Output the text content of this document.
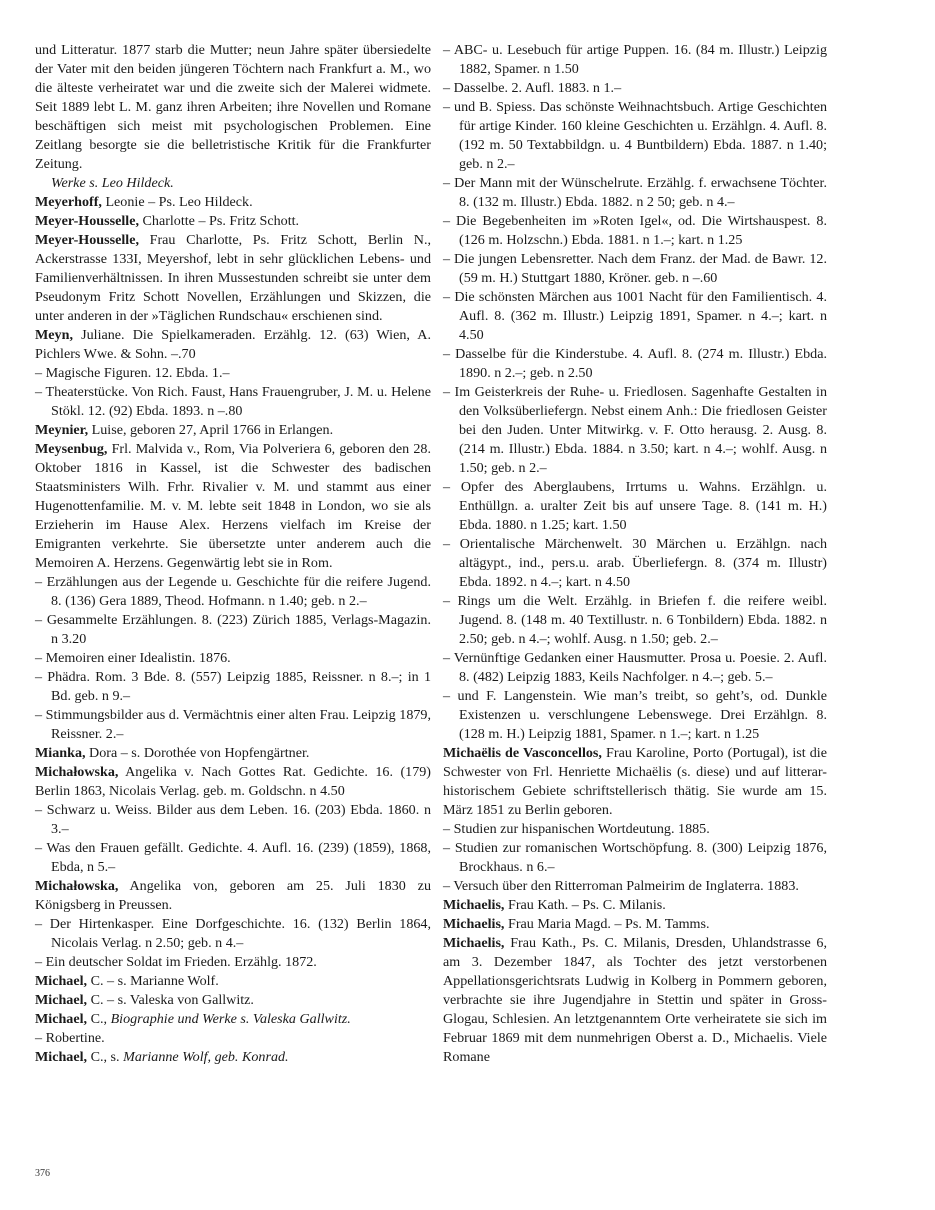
und Litteratur. 1877 starb die Mutter; neun Jahre später übersiedelte der Vater mit den beiden jüngeren Töchtern nach Frankfurt a. M., wo die älteste verheiratet war und die zweite sich der Malerei widmete. Seit 1889 lebt L. M. ganz ihren Arbeiten; ihre Novellen und Romane beschäftigen sich meist mit psychologischen Problemen. Eine Zeitlang besorgte sie die belletristische Kritik für die Frankfurter Zeitung.

Werke s. Leo Hildeck.

Meyerhoff, Leonie – Ps. Leo Hildeck.

Meyer-Housselle, Charlotte – Ps. Fritz Schott.

Meyer-Housselle, Frau Charlotte, Ps. Fritz Schott, Berlin N., Ackerstrasse 133I, Meyershof, lebt in sehr glücklichen Lebens- und Familienverhältnissen. In ihren Mussestunden schreibt sie unter dem Pseudonym Fritz Schott Novellen, Erzählungen und Skizzen, die unter anderen in der »Täglichen Rundschau« erschienen sind.

Meyn, Juliane. Die Spielkameraden. Erzählg. 12. (63) Wien, A. Pichlers Wwe. & Sohn. –.70

– Magische Figuren. 12. Ebda. 1.–

– Theaterstücke. Von Rich. Faust, Hans Frauengruber, J. M. u. Helene Stökl. 12. (92) Ebda. 1893. n –.80

Meynier, Luise, geboren 27, April 1766 in Erlangen.

Meysenbug, Frl. Malvida v., Rom, Via Polveriera 6, geboren den 28. Oktober 1816 in Kassel, ist die Schwester des badischen Staatsministers Wilh. Frhr. Rivalier v. M. und stammt aus einer Hugenottenfamilie. M. v. M. lebte seit 1848 in London, wo sie als Erzieherin im Hause Alex. Herzens vielfach im Kreise der Emigranten verkehrte. Sie übersetzte unter anderem auch die Memoiren A. Herzens. Gegenwärtig lebt sie in Rom.

– Erzählungen aus der Legende u. Geschichte für die reifere Jugend. 8. (136) Gera 1889, Theod. Hofmann. n 1.40; geb. n 2.–

– Gesammelte Erzählungen. 8. (223) Zürich 1885, Verlags-Magazin. n 3.20

– Memoiren einer Idealistin. 1876.

– Phädra. Rom. 3 Bde. 8. (557) Leipzig 1885, Reissner. n 8.–; in 1 Bd. geb. n 9.–

– Stimmungsbilder aus d. Vermächtnis einer alten Frau. Leipzig 1879, Reissner. 2.–

Mianka, Dora – s. Dorothée von Hopfengärtner.

Michałowska, Angelika v. Nach Gottes Rat. Gedichte. 16. (179) Berlin 1863, Nicolais Verlag. geb. m. Goldschn. n 4.50

– Schwarz u. Weiss. Bilder aus dem Leben. 16. (203) Ebda. 1860. n 3.–

– Was den Frauen gefällt. Gedichte. 4. Aufl. 16. (239) (1859), 1868, Ebda, n 5.–

Michałowska, Angelika von, geboren am 25. Juli 1830 zu Königsberg in Preussen.

– Der Hirtenkasper. Eine Dorfgeschichte. 16. (132) Berlin 1864, Nicolais Verlag. n 2.50; geb. n 4.–

– Ein deutscher Soldat im Frieden. Erzählg. 1872.

Michael, C. – s. Marianne Wolf.

Michael, C. – s. Valeska von Gallwitz.

Michael, C., Biographie und Werke s. Valeska Gallwitz.

– Robertine.

Michael, C., s. Marianne Wolf, geb. Konrad.

– ABC- u. Lesebuch für artige Puppen. 16. (84 m. Illustr.) Leipzig 1882, Spamer. n 1.50

– Dasselbe. 2. Aufl. 1883. n 1.–

– und B. Spiess. Das schönste Weihnachtsbuch. Artige Geschichten für artige Kinder. 160 kleine Geschichten u. Erzählgn. 4. Aufl. 8. (192 m. 50 Textabbildgn. u. 4 Buntbildern) Ebda. 1887. n 1.40; geb. n 2.–

– Der Mann mit der Wünschelrute. Erzählg. f. erwachsene Töchter. 8. (132 m. Illustr.) Ebda. 1882. n 2 50; geb. n 4.–

– Die Begebenheiten im »Roten Igel«, od. Die Wirtshauspest. 8. (126 m. Holzschn.) Ebda. 1881. n 1.–; kart. n 1.25

– Die jungen Lebensretter. Nach dem Franz. der Mad. de Bawr. 12. (59 m. H.) Stuttgart 1880, Kröner. geb. n –.60

– Die schönsten Märchen aus 1001 Nacht für den Familientisch. 4. Aufl. 8. (362 m. Illustr.) Leipzig 1891, Spamer. n 4.–; kart. n 4.50

– Dasselbe für die Kinderstube. 4. Aufl. 8. (274 m. Illustr.) Ebda. 1890. n 2.–; geb. n 2.50

– Im Geisterkreis der Ruhe- u. Friedlosen. Sagenhafte Gestalten in den Volksüberliefergn. Nebst einem Anh.: Die friedlosen Geister bei den Juden. Unter Mitwirkg. v. F. Otto herausg. 2. Ausg. 8. (214 m. Illustr.) Ebda. 1884. n 3.50; kart. n 4.–; wohlf. Ausg. n 1.50; geb. n 2.–

– Opfer des Aberglaubens, Irrtums u. Wahns. Erzählgn. u. Enthüllgn. a. uralter Zeit bis auf unsere Tage. 8. (141 m. H.) Ebda. 1880. n 1.25; kart. 1.50

– Orientalische Märchenwelt. 30 Märchen u. Erzählgn. nach altägypt., ind., pers.u. arab. Überliefergn. 8. (374 m. Illustr) Ebda. 1892. n 4.–; kart. n 4.50

– Rings um die Welt. Erzählg. in Briefen f. die reifere weibl. Jugend. 8. (148 m. 40 Textillustr. n. 6 Tonbildern) Ebda. 1882. n 2.50; geb. n 4.–; wohlf. Ausg. n 1.50; geb. 2.–

– Vernünftige Gedanken einer Hausmutter. Prosa u. Poesie. 2. Aufl. 8. (482) Leipzig 1883, Keils Nachfolger. n 4.–; geb. 5.–

– und F. Langenstein. Wie man’s treibt, so geht’s, od. Dunkle Existenzen u. verschlungene Lebenswege. Drei Erzählgn. 8. (128 m. H.) Leipzig 1881, Spamer. n 1.–; kart. n 1.25

Michaëlis de Vasconcellos, Frau Karoline, Porto (Portugal), ist die Schwester von Frl. Henriette Michaëlis (s. diese) und auf litterar-historischem Gebiete schriftstellerisch thätig. Sie wurde am 15. März 1851 zu Berlin geboren.

– Studien zur hispanischen Wortdeutung. 1885.

– Studien zur romanischen Wortschöpfung. 8. (300) Leipzig 1876, Brockhaus. n 6.–

– Versuch über den Ritterroman Palmeirim de Inglaterra. 1883.

Michaelis, Frau Kath. – Ps. C. Milanis.

Michaelis, Frau Maria Magd. – Ps. M. Tamms.

Michaelis, Frau Kath., Ps. C. Milanis, Dresden, Uhlandstrasse 6, am 3. Dezember 1847, als Tochter des jetzt verstorbenen Appellationsgerichtsrats Ludwig in Kolberg in Pommern geboren, verbrachte sie ihre Jugendjahre in Stettin und später in Gross-Glogau, Schlesien. An letztgenanntem Orte verheiratete sie sich im Februar 1869 mit dem nunmehrigen Oberst a. D., Michaelis. Viele Romane

376
